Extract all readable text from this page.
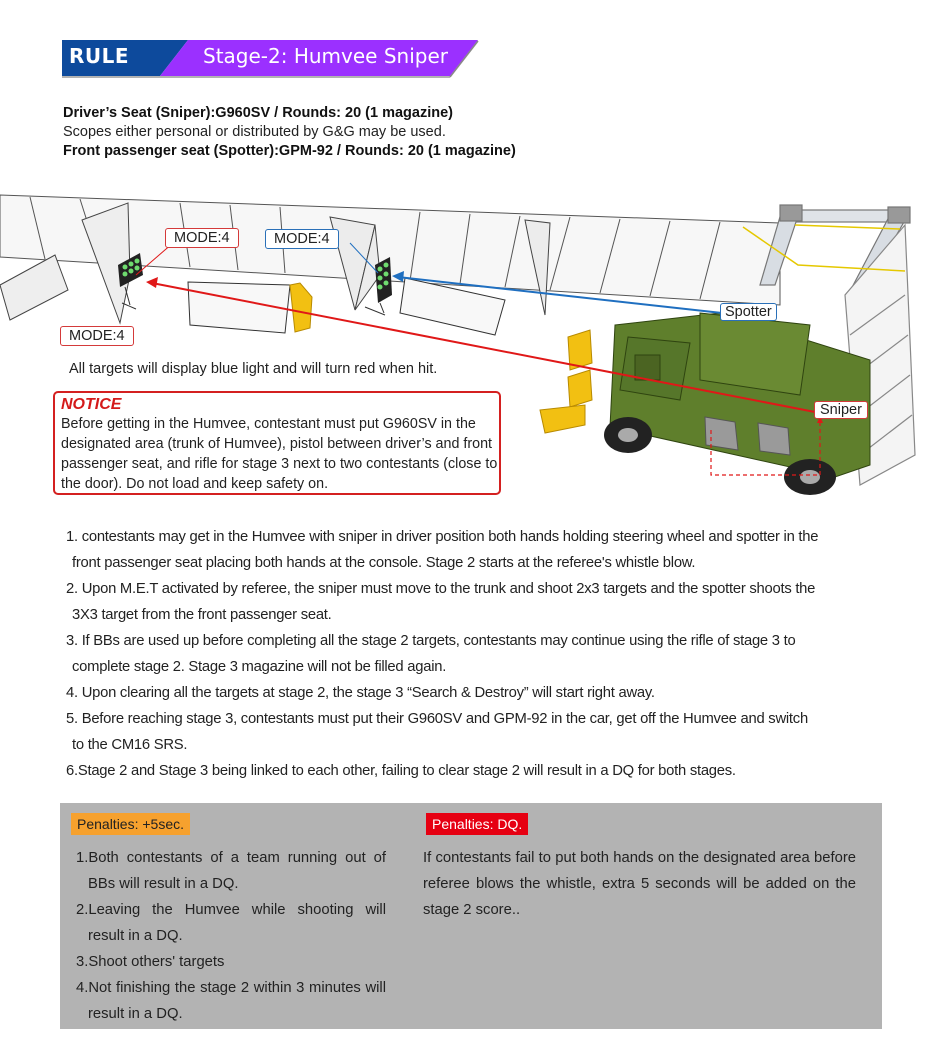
RULE	Stage-2: Humvee Sniper
Driver’s Seat (Sniper):G960SV / Rounds: 20 (1 magazine)
Scopes either personal or distributed by G&G may be used.
Front passenger seat (Spotter):GPM-92 / Rounds: 20 (1 magazine)
MODE:4	MODE:4
MODE:4
Spotter
Sniper
All targets will display blue light and will turn red when hit.
NOTICE
Before getting in the Humvee, contestant must put G960SV in the designated area (trunk of Humvee), pistol between driver’s and front passenger seat, and rifle for stage 3 next to two contestants (close to the door). Do not load and keep safety on.
1. contestants may get in the Humvee with sniper in driver position both hands holding steering wheel and spotter in the
front passenger seat placing both hands at the console. Stage 2 starts at the referee's whistle blow.
2. Upon M.E.T activated by referee, the sniper must move to the trunk and shoot 2x3 targets and the spotter shoots the
3X3 target from the front passenger seat.
3. If BBs are used up before completing all the stage 2 targets, contestants may continue using the rifle of stage 3 to
complete stage 2. Stage 3 magazine will not be filled again.
4. Upon clearing all the targets at stage 2, the stage 3 “Search & Destroy” will start right away.
5. Before reaching stage 3, contestants must put their G960SV and GPM-92 in the car, get off the Humvee and switch
to the CM16 SRS.
6.Stage 2 and Stage 3 being linked to each other, failing to clear stage 2 will result in a DQ for both stages.
Penalties: +5sec.	Penalties: DQ.
1.Both contestants of a team running out of BBs will result in a DQ.
2.Leaving the Humvee while shooting will result in a DQ.
3.Shoot others' targets
4.Not finishing the stage 2 within 3 minutes will result in a DQ.
If contestants fail to put both hands on the designated area before referee blows the whistle, extra 5 seconds will be added on the stage 2 score..
